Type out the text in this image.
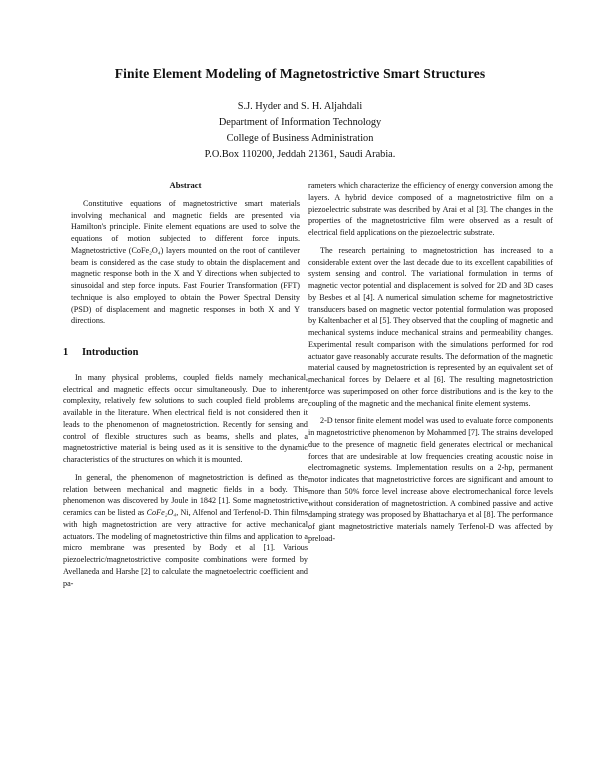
Finite Element Modeling of Magnetostrictive Smart Structures
S.J. Hyder and S. H. Aljahdali
Department of Information Technology
College of Business Administration
P.O.Box 110200, Jeddah 21361, Saudi Arabia.
Abstract

Constitutive equations of magnetostrictive smart materials involving mechanical and magnetic fields are presented via Hamilton's principle. Finite element equations are used to solve the equations of motion subjected to different force inputs. Magnetostrictive (CoFe₂O₄) layers mounted on the root of cantilever beam is considered as the case study to obtain the displacement and magnetic response both in the X and Y directions when subjected to sinusoidal and step force inputs. Fast Fourier Transformation (FFT) technique is also employed to obtain the Power Spectral Density (PSD) of displacement and magnetic responses in both X and Y directions.

1 Introduction

In many physical problems, coupled fields namely mechanical, electrical and magnetic effects occur simultaneously. Due to inherent complexity, relatively few solutions to such coupled field problems are available in the literature. When electrical field is not considered then it leads to the phenomenon of magnetostriction. Recently for sensing and control of flexible structures such as beams, shells and plates, a magnetostrictive material is being used as it is sensitive to the dynamic characteristics of the structures on which it is mounted.

In general, the phenomenon of magnetostriction is defined as the relation between mechanical and magnetic fields in a body. This phenomenon was discovered by Joule in 1842 [1]. Some magnetostrictive ceramics can be listed as CoFe₂O₄, Ni, Alfenol and Terfenol-D. Thin films with high magnetostriction are very attractive for active mechanical actuators. The modeling of magnetostrictive thin films and application to a micro membrane was presented by Body et al [1]. Various piezoelectric/magnetostrictive composite combinations were formed by Avellaneda and Harshe [2] to calculate the magnetoelectric coefficient and pa-

rameters which characterize the efficiency of energy conversion among the layers. A hybrid device composed of a magnetostrictive film on a piezoelectric substrate was described by Arai et al [3]. The changes in the properties of the magnetostrictive film were observed as a result of electrical field applications on the piezoelectric substrate.

The research pertaining to magnetostriction has increased to a considerable extent over the last decade due to its excellent capabilities of system sensing and control. The variational formulation in terms of magnetic vector potential and displacement is solved for 2D and 3D cases by Besbes et al [4]. A numerical simulation scheme for magnetostrictive transducers based on magnetic vector potential formulation was proposed by Kaltenbacher et al [5]. They observed that the coupling of magnetic and mechanical systems induce mechanical strains and permeability changes. Experimental result comparison with the simulations performed for rod actuator gave reasonably accurate results. The deformation of the magnetic material caused by magnetostriction is represented by an equivalent set of mechanical forces by Delaere et al [6]. The resulting magnetostriction force was superimposed on other force distributions and is the key to the coupling of the magnetic and the mechanical finite element systems.

2-D tensor finite element model was used to evaluate force components in magnetostrictive phenomenon by Mohammed [7]. The strains developed due to the presence of magnetic field generates electrical or mechanical forces that are undesirable at low frequencies creating acoustic noise in electromagnetic systems. Implementation results on a 2-hp, permanent motor indicates that magnetostrictive forces are significant and amount to more than 50% force level increase above electromechanical force levels without consideration of magnetostriction. A combined passive and active damping strategy was proposed by Bhattacharya et al [8]. The performance of giant magnetostrictive materials namely Terfenol-D was affected by preload-
